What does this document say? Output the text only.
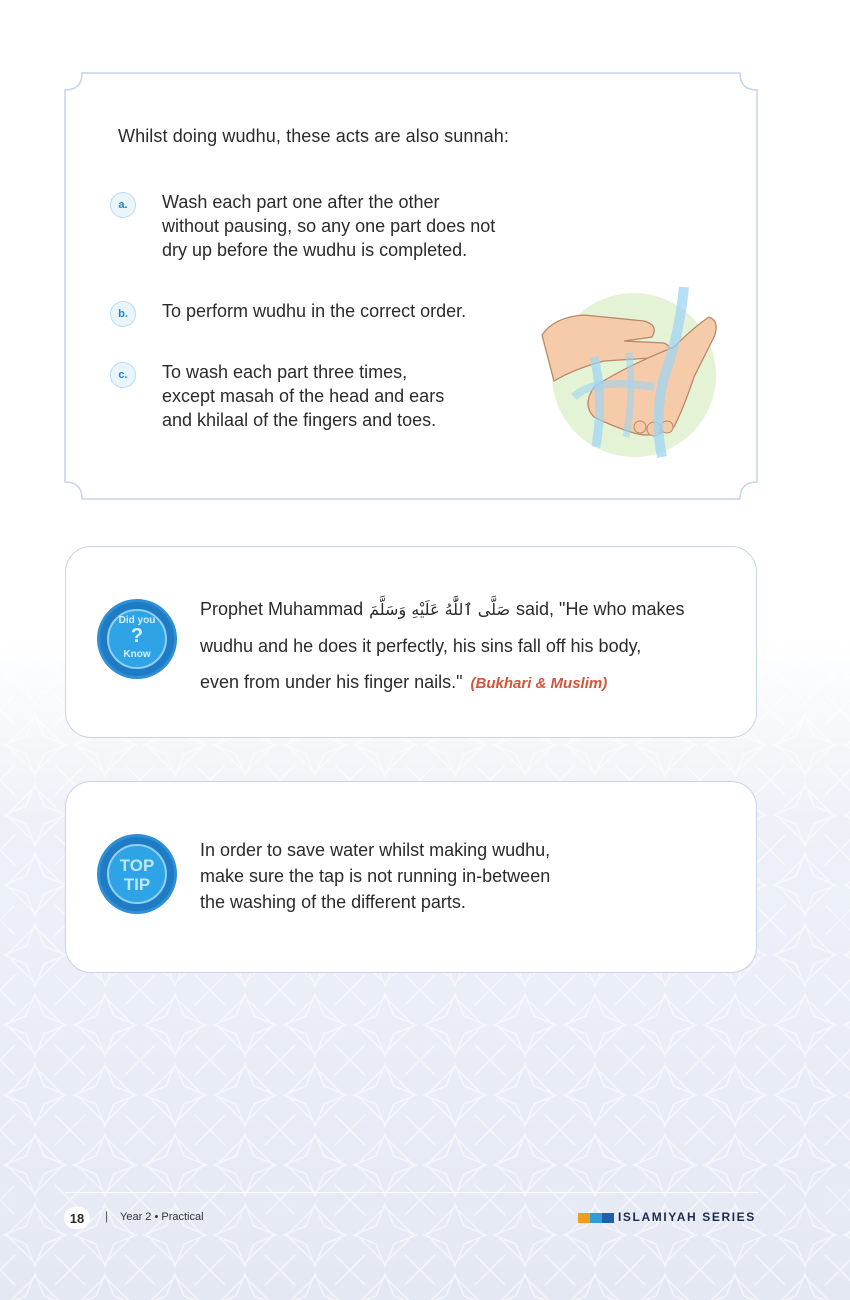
Whilst doing wudhu, these acts are also sunnah:

a.	Wash each part one after the other
without pausing, so any one part does not
dry up before the wudhu is completed.
b.	To perform wudhu in the correct order.
c.	To wash each part three times,
except masah of the head and ears
and khilaal of the fingers and toes.
Did you
?
Know
Prophet Muhammad صَلَّى ٱللَّٰهُ عَلَيْهِ وَسَلَّمَ said, "He who makes
wudhu and he does it perfectly, his sins fall off his body,
even from under his finger nails." (Bukhari & Muslim)
TOP
TIP
In order to save water whilst making wudhu,
make sure the tap is not running in-between
the washing of the different parts.
18	| Year 2 • Practical	ISLAMIYAH SERIES
